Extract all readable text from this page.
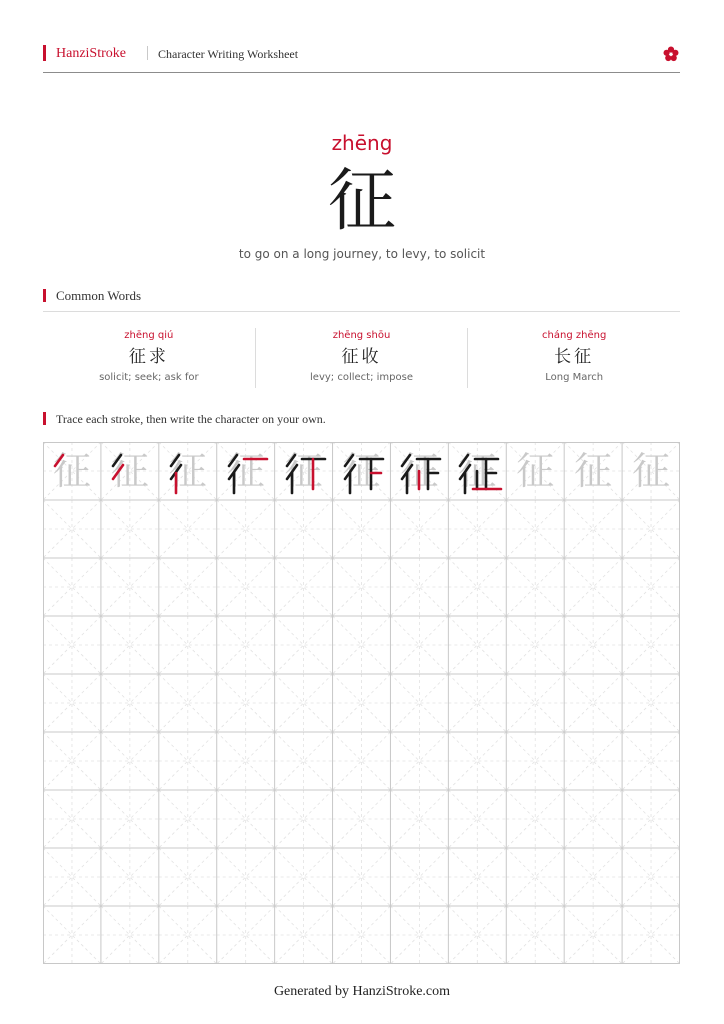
HanziStroke	Character Writing Worksheet
zhēng
征
to go on a long journey, to levy, to solicit
Common Words
zhēng qiú
征求
solicit; seek; ask for
zhēng shōu
征收
levy; collect; impose
cháng zhēng
长征
Long March
Trace each stroke, then write the character on your own.
征 征 征 征 征 征 征 征 征 征 征
Generated by HanziStroke.com
